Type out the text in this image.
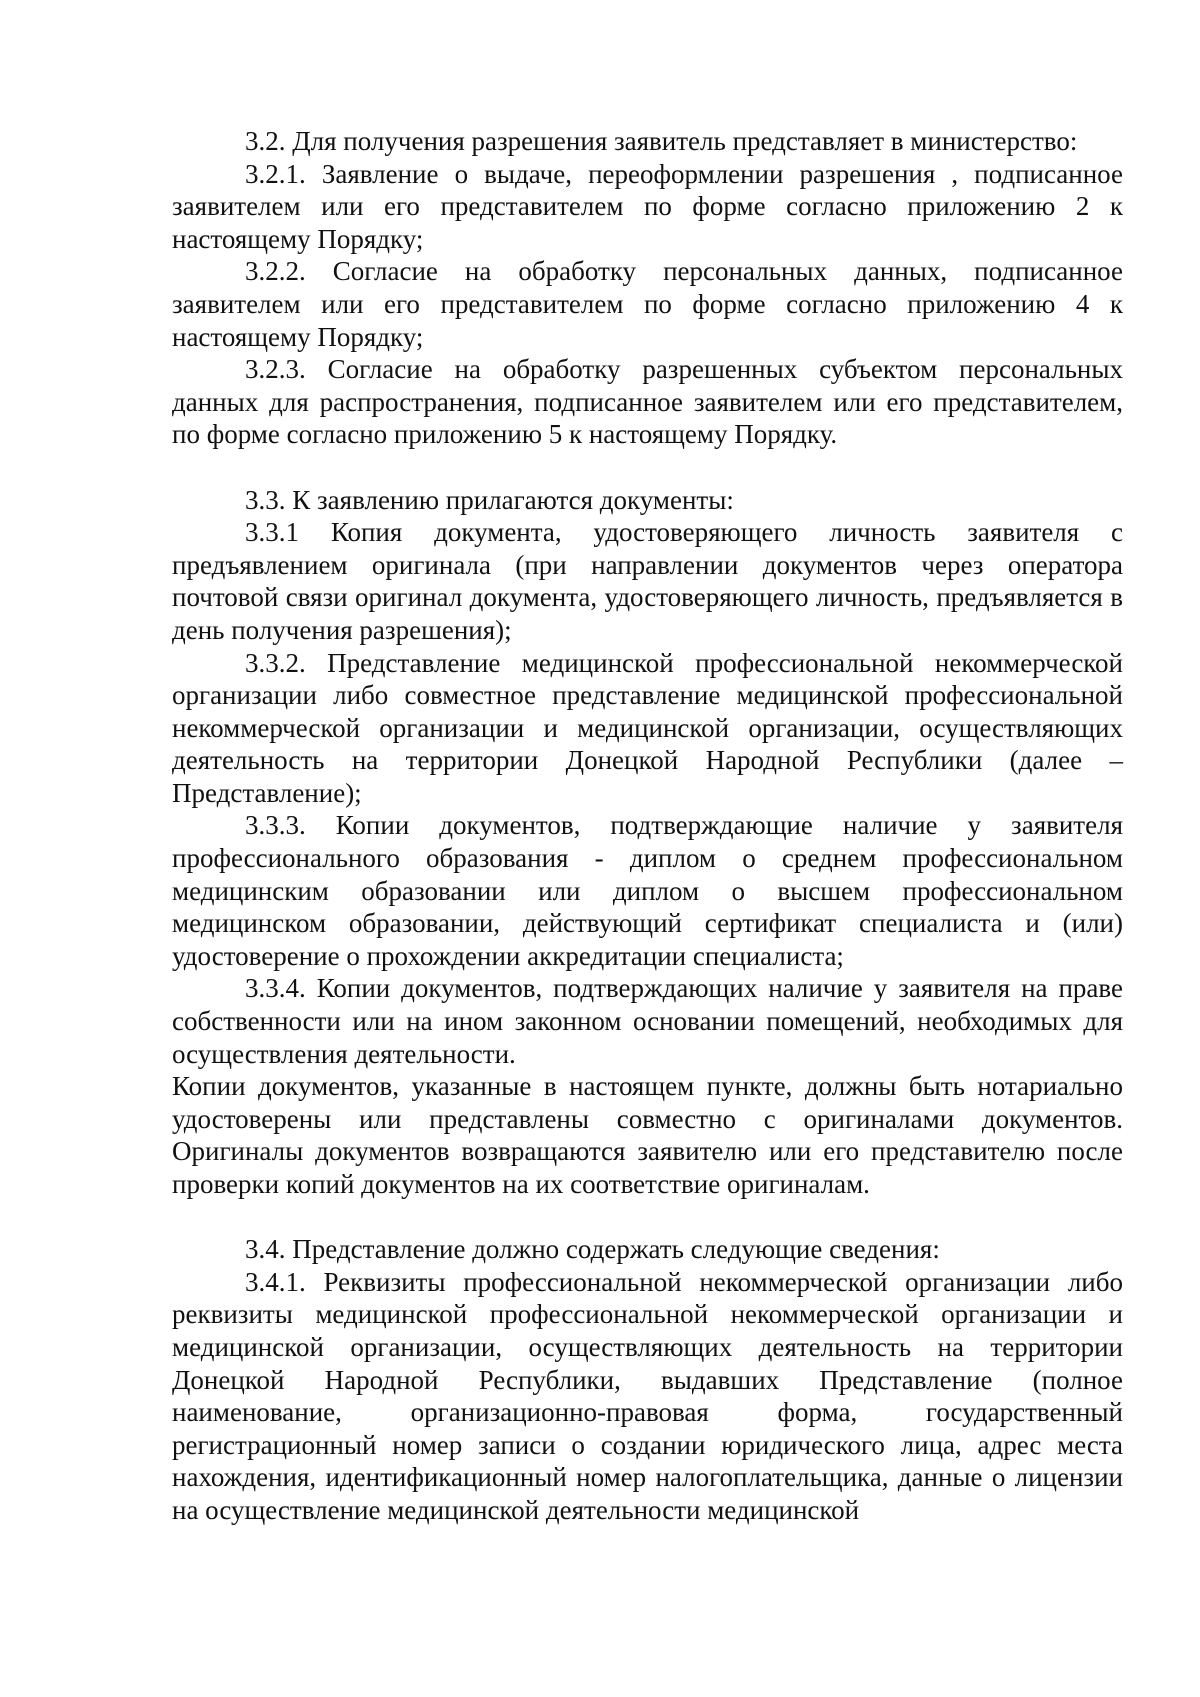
3.2. Для получения разрешения заявитель представляет в министерство:

3.2.1. Заявление о выдаче, переоформлении разрешения , подписанное заявителем или его представителем по форме согласно приложению 2 к настоящему Порядку;

3.2.2. Согласие на обработку персональных данных, подписанное заявителем или его представителем по форме согласно приложению 4 к настоящему Порядку;

3.2.3. Согласие на обработку разрешенных субъектом персональных данных для распространения, подписанное заявителем или его представителем, по форме согласно приложению 5 к настоящему Порядку.

3.3. К заявлению прилагаются документы:

3.3.1 Копия документа, удостоверяющего личность заявителя с предъявлением оригинала (при направлении документов через оператора почтовой связи оригинал документа, удостоверяющего личность, предъявляется в день получения разрешения);

3.3.2. Представление медицинской профессиональной некоммерческой организации либо совместное представление медицинской профессиональной некоммерческой организации и медицинской организации, осуществляющих деятельность на территории Донецкой Народной Республики (далее – Представление);

3.3.3. Копии документов, подтверждающие наличие у заявителя профессионального образования - диплом о среднем профессиональном медицинским образовании или диплом о высшем профессиональном медицинском образовании, действующий сертификат специалиста и (или) удостоверение о прохождении аккредитации специалиста;

3.3.4. Копии документов, подтверждающих наличие у заявителя на праве собственности или на ином законном основании помещений, необходимых для осуществления деятельности.

Копии документов, указанные в настоящем пункте, должны быть нотариально удостоверены или представлены совместно с оригиналами документов. Оригиналы документов возвращаются заявителю или его представителю после проверки копий документов на их соответствие оригиналам.

3.4. Представление должно содержать следующие сведения:

3.4.1. Реквизиты профессиональной некоммерческой организации либо реквизиты медицинской профессиональной некоммерческой организации и медицинской организации, осуществляющих деятельность на территории Донецкой Народной Республики, выдавших Представление (полное наименование, организационно-правовая форма, государственный регистрационный номер записи о создании юридического лица, адрес места нахождения, идентификационный номер налогоплательщика, данные о лицензии на осуществление медицинской деятельности медицинской
